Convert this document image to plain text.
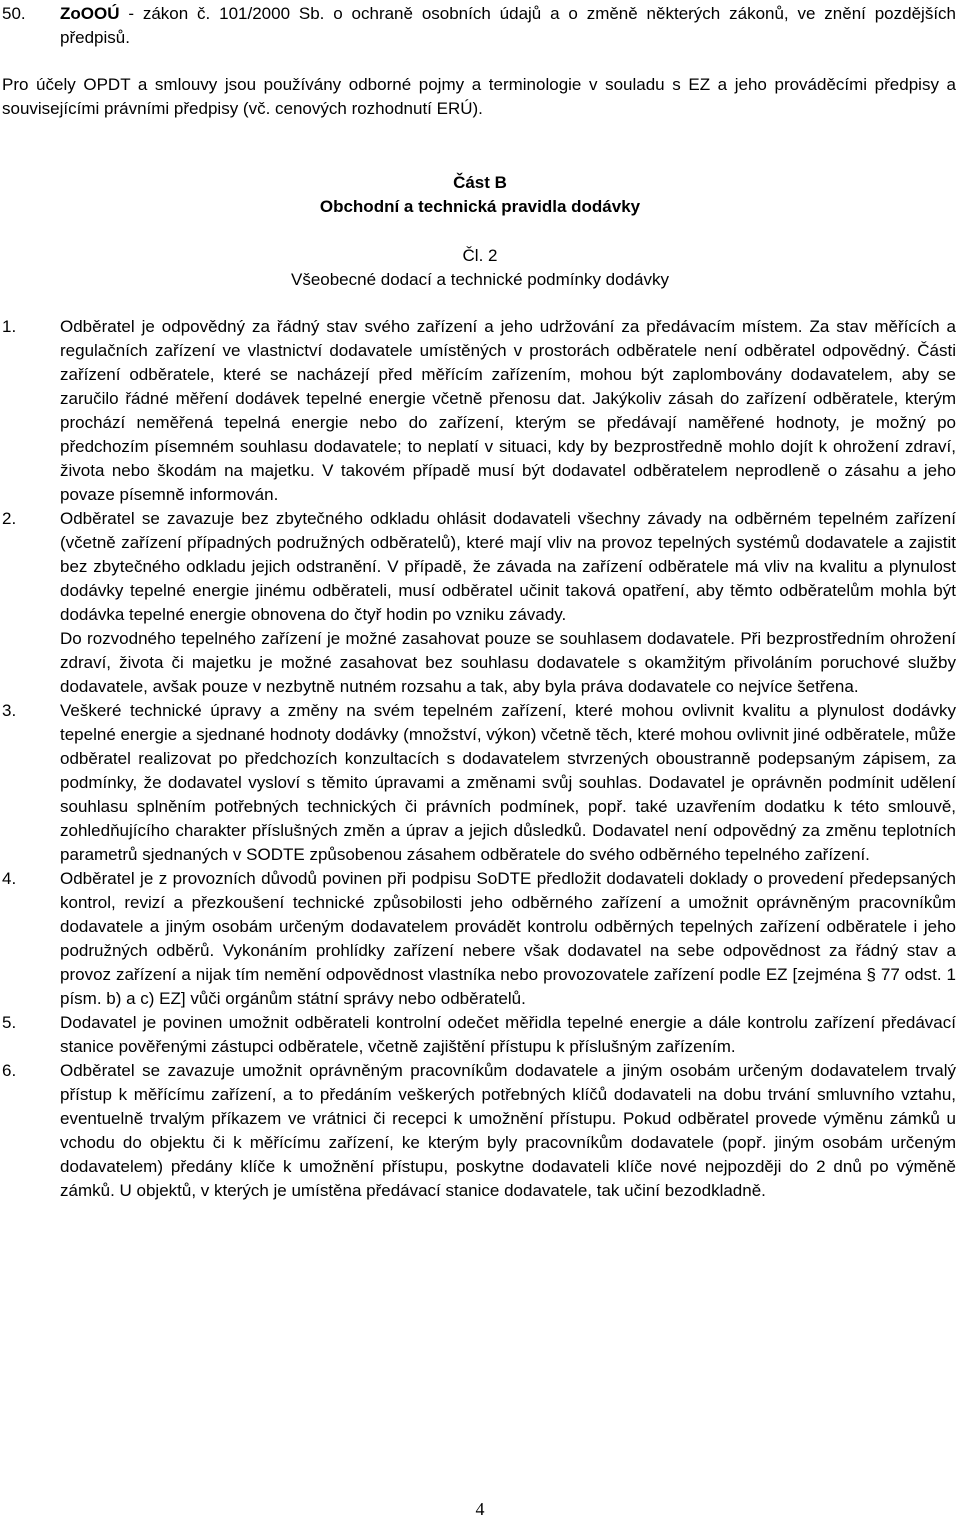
50. ZoOOÚ - zákon č. 101/2000 Sb. o ochraně osobních údajů a o změně některých zákonů, ve znění pozdějších předpisů.
Pro účely OPDT a smlouvy jsou používány odborné pojmy a terminologie v souladu s EZ a jeho prováděcími předpisy a souvisejícími právními předpisy (vč. cenových rozhodnutí ERÚ).
Část B
Obchodní a technická pravidla dodávky
Čl. 2
Všeobecné dodací a technické podmínky dodávky
1.	Odběratel je odpovědný za řádný stav svého zařízení a jeho udržování za předávacím místem. Za stav měřících a regulačních zařízení ve vlastnictví dodavatele umístěných v prostorách odběratele není odběratel odpovědný. Části zařízení odběratele, které se nacházejí před měřícím zařízením, mohou být zaplombovány dodavatelem, aby se zaručilo řádné měření dodávek tepelné energie včetně přenosu dat. Jakýkoliv zásah do zařízení odběratele, kterým prochází neměřená tepelná energie nebo do zařízení, kterým se předávají naměřené hodnoty, je možný po předchozím písemném souhlasu dodavatele; to neplatí v situaci, kdy by bezprostředně mohlo dojít k ohrožení zdraví, života nebo škodám na majetku. V takovém případě musí být dodavatel odběratelem neprodleně o zásahu a jeho povaze písemně informován.
2.	Odběratel se zavazuje bez zbytečného odkladu ohlásit dodavateli všechny závady na odběrném tepelném zařízení (včetně zařízení případných podružných odběratelů), které mají vliv na provoz tepelných systémů dodavatele a zajistit bez zbytečného odkladu jejich odstranění. V případě, že závada na zařízení odběratele má vliv na kvalitu a plynulost dodávky tepelné energie jinému odběrateli, musí odběratel učinit taková opatření, aby těmto odběratelům mohla být dodávka tepelné energie obnovena do čtyř hodin po vzniku závady.
Do rozvodného tepelného zařízení je možné zasahovat pouze se souhlasem dodavatele. Při bezprostředním ohrožení zdraví, života či majetku je možné zasahovat bez souhlasu dodavatele s okamžitým přivoláním poruchové služby dodavatele, avšak pouze v nezbytně nutném rozsahu a tak, aby byla práva dodavatele co nejvíce šetřena.
3.	Veškeré technické úpravy a změny na svém tepelném zařízení, které mohou ovlivnit kvalitu a plynulost dodávky tepelné energie a sjednané hodnoty dodávky (množství, výkon) včetně těch, které mohou ovlivnit jiné odběratele, může odběratel realizovat po předchozích konzultacích s dodavatelem stvrzených oboustranně podepsaným zápisem, za podmínky, že dodavatel vysloví s těmito úpravami a změnami svůj souhlas. Dodavatel je oprávněn podmínit udělení souhlasu splněním potřebných technických či právních podmínek, popř. také uzavřením dodatku k této smlouvě, zohledňujícího charakter příslušných změn a úprav a jejich důsledků. Dodavatel není odpovědný za změnu teplotních parametrů sjednaných v SODTE způsobenou zásahem odběratele do svého odběrného tepelného zařízení.
4.	Odběratel je z provozních důvodů povinen při podpisu SoDTE předložit dodavateli doklady o provedení předepsaných kontrol, revizí a přezkoušení technické způsobilosti jeho odběrného zařízení a umožnit oprávněným pracovníkům dodavatele a jiným osobám určeným dodavatelem provádět kontrolu odběrných tepelných zařízení odběratele i jeho podružných odběrů. Vykonáním prohlídky zařízení nebere však dodavatel na sebe odpovědnost za řádný stav a provoz zařízení a nijak tím nemění odpovědnost vlastníka nebo provozovatele zařízení podle EZ [zejména § 77 odst. 1 písm. b) a c) EZ] vůči orgánům státní správy nebo odběratelů.
5.	Dodavatel je povinen umožnit odběrateli kontrolní odečet měřidla tepelné energie a dále kontrolu zařízení předávací stanice pověřenými zástupci odběratele, včetně zajištění přístupu k příslušným zařízením.
6.	Odběratel se zavazuje umožnit oprávněným pracovníkům dodavatele a jiným osobám určeným dodavatelem trvalý přístup k měřícímu zařízení, a to předáním veškerých potřebných klíčů dodavateli na dobu trvání smluvního vztahu, eventuelně trvalým příkazem ve vrátnici či recepci k umožnění přístupu. Pokud odběratel provede výměnu zámků u vchodu do objektu či k měřícímu zařízení, ke kterým byly pracovníkům dodavatele (popř. jiným osobám určeným dodavatelem) předány klíče k umožnění přístupu, poskytne dodavateli klíče nové nejpozději do 2 dnů po výměně zámků. U objektů, v kterých je umístěna předávací stanice dodavatele, tak učiní bezodkladně.
4
